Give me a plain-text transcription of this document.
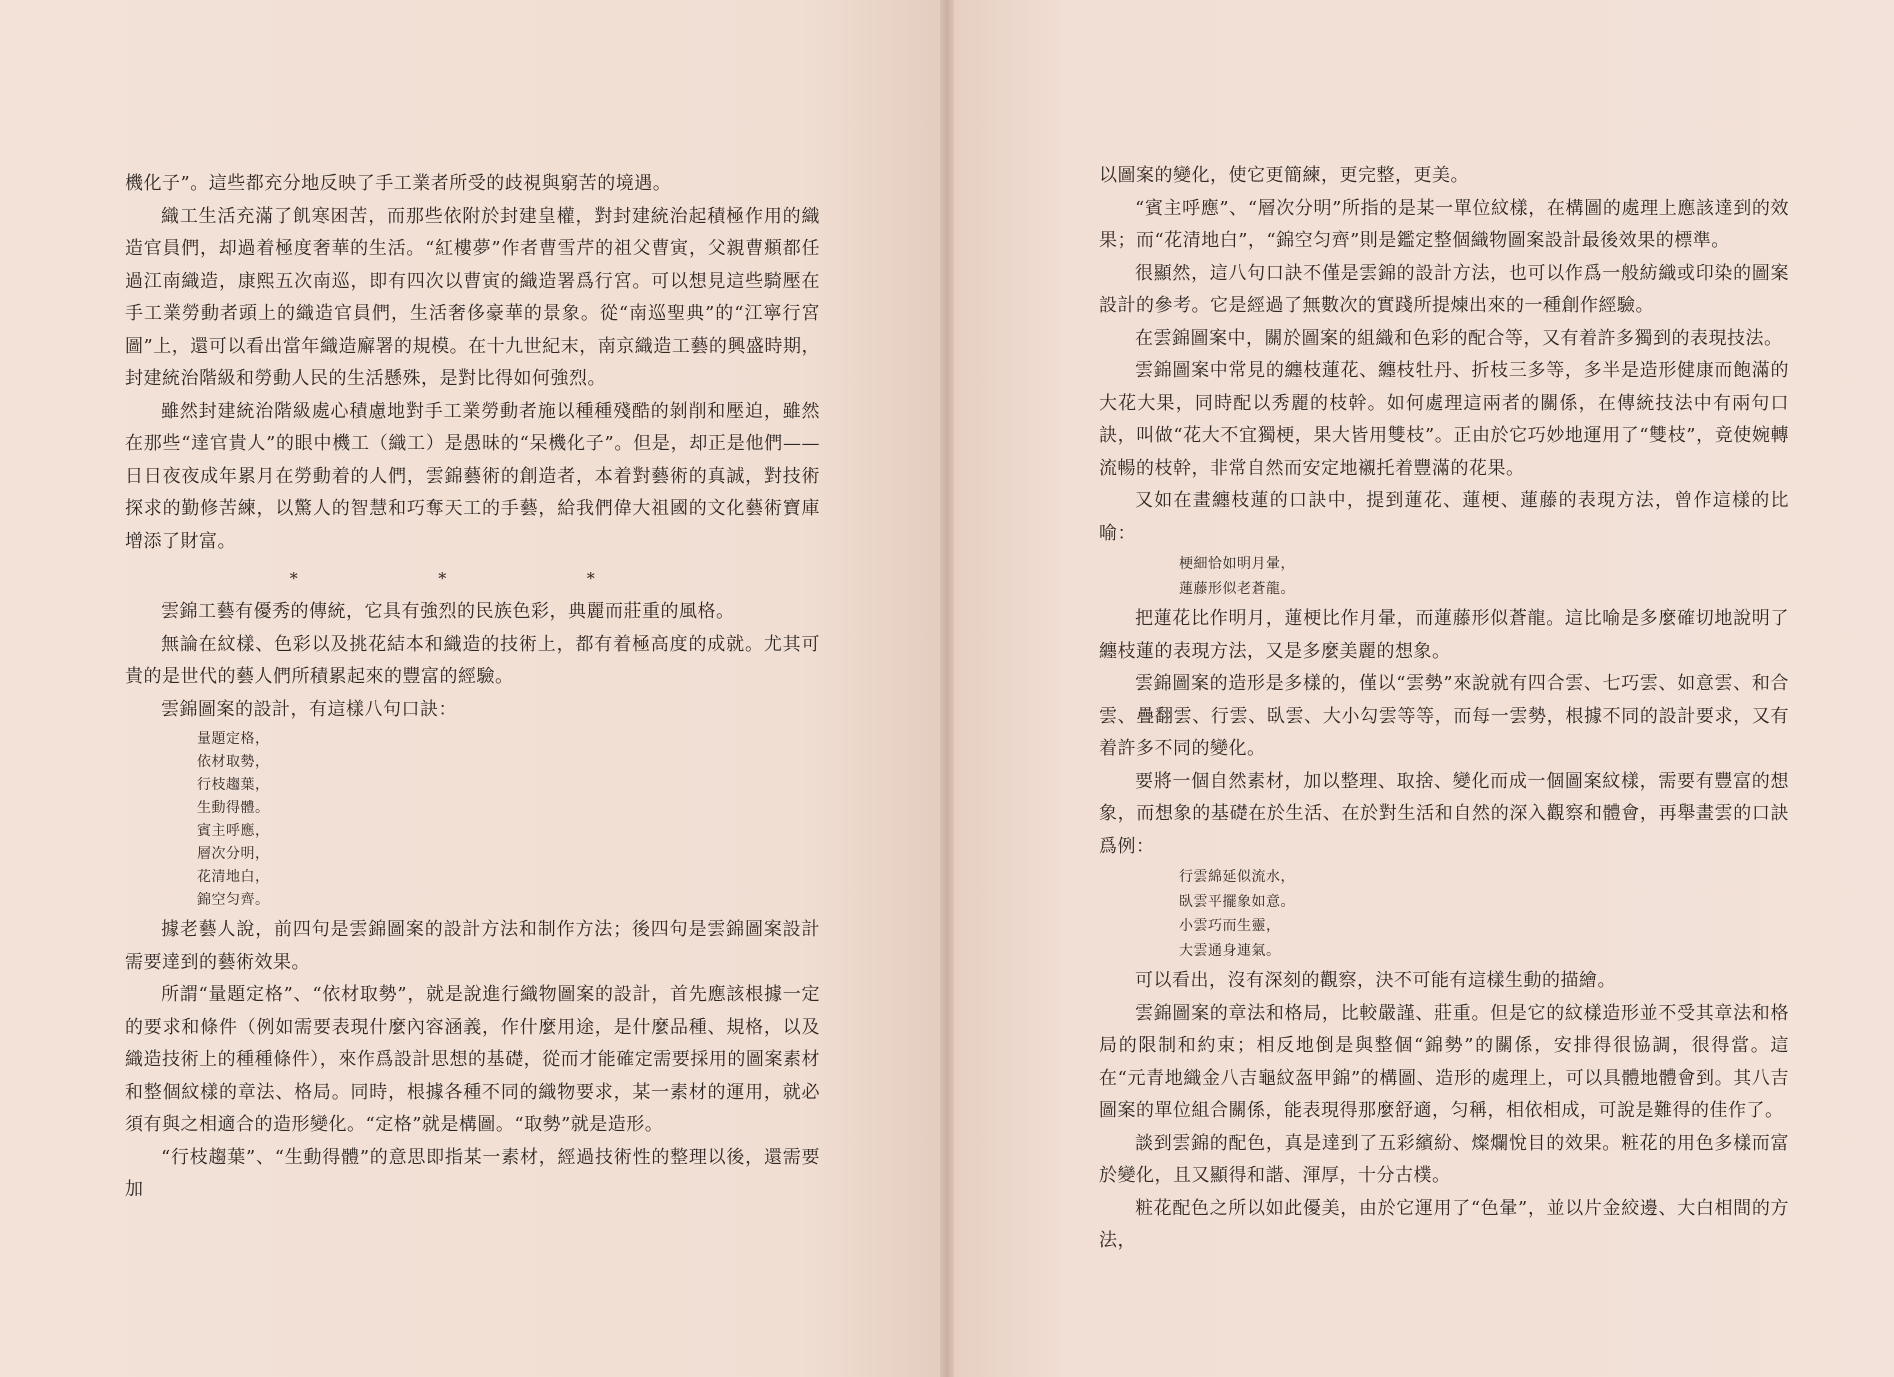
機化子”。這些都充分地反映了手工業者所受的歧視與窮苦的境遇。

織工生活充滿了飢寒困苦，而那些依附於封建皇權，對封建統治起積極作用的織造官員們，却過着極度奢華的生活。“紅樓夢”作者曹雪芹的祖父曹寅，父親曹頫都任過江南織造，康熙五次南巡，即有四次以曹寅的織造署爲行宮。可以想見這些騎壓在手工業勞動者頭上的織造官員們，生活奢侈豪華的景象。從“南巡聖典”的“江寧行宮圖”上，還可以看出當年織造廨署的規模。在十九世紀末，南京織造工藝的興盛時期，封建統治階級和勞動人民的生活懸殊，是對比得如何強烈。

雖然封建統治階級處心積慮地對手工業勞動者施以種種殘酷的剝削和壓迫，雖然在那些“達官貴人”的眼中機工（織工）是愚昧的“呆機化子”。但是，却正是他們——日日夜夜成年累月在勞動着的人們，雲錦藝術的創造者，本着對藝術的真誠，對技術探求的勤修苦練，以驚人的智慧和巧奪天工的手藝，給我們偉大祖國的文化藝術寶庫增添了財富。

*	*	*

雲錦工藝有優秀的傳統，它具有強烈的民族色彩，典麗而莊重的風格。

無論在紋樣、色彩以及挑花結本和織造的技術上，都有着極高度的成就。尤其可貴的是世代的藝人們所積累起來的豐富的經驗。

雲錦圖案的設計，有這樣八句口訣：

量題定格，
依材取勢，
行枝趨葉，
生動得體。
賓主呼應，
層次分明，
花清地白，
錦空匀齊。

據老藝人說，前四句是雲錦圖案的設計方法和制作方法；後四句是雲錦圖案設計需要達到的藝術效果。

所謂“量題定格”、“依材取勢”，就是說進行織物圖案的設計，首先應該根據一定的要求和條件（例如需要表現什麼內容涵義，作什麼用途，是什麼品種、規格，以及織造技術上的種種條件），來作爲設計思想的基礎，從而才能確定需要採用的圖案素材和整個紋樣的章法、格局。同時，根據各種不同的織物要求，某一素材的運用，就必須有與之相適合的造形變化。“定格”就是構圖。“取勢”就是造形。

“行枝趨葉”、“生動得體”的意思即指某一素材，經過技術性的整理以後，還需要加

以圖案的變化，使它更簡練，更完整，更美。

“賓主呼應”、“層次分明”所指的是某一單位紋樣，在構圖的處理上應該達到的效果；而“花清地白”，“錦空匀齊”則是鑑定整個織物圖案設計最後效果的標準。

很顯然，這八句口訣不僅是雲錦的設計方法，也可以作爲一般紡織或印染的圖案設計的參考。它是經過了無數次的實踐所提煉出來的一種創作經驗。

在雲錦圖案中，關於圖案的組織和色彩的配合等，又有着許多獨到的表現技法。

雲錦圖案中常見的纏枝蓮花、纏枝牡丹、折枝三多等，多半是造形健康而飽滿的大花大果，同時配以秀麗的枝幹。如何處理這兩者的關係，在傳統技法中有兩句口訣，叫做“花大不宜獨梗，果大皆用雙枝”。正由於它巧妙地運用了“雙枝”，竟使婉轉流暢的枝幹，非常自然而安定地襯托着豐滿的花果。

又如在畫纏枝蓮的口訣中，提到蓮花、蓮梗、蓮藤的表現方法，曾作這樣的比喻：

梗細恰如明月暈，
蓮藤形似老蒼龍。

把蓮花比作明月，蓮梗比作月暈，而蓮藤形似蒼龍。這比喻是多麼確切地說明了纏枝蓮的表現方法，又是多麼美麗的想象。

雲錦圖案的造形是多樣的，僅以“雲勢”來說就有四合雲、七巧雲、如意雲、和合雲、疊翻雲、行雲、臥雲、大小勾雲等等，而每一雲勢，根據不同的設計要求，又有着許多不同的變化。

要將一個自然素材，加以整理、取捨、變化而成一個圖案紋樣，需要有豐富的想象，而想象的基礎在於生活、在於對生活和自然的深入觀察和體會，再舉畫雲的口訣爲例：

行雲綿延似流水，
臥雲平擺象如意。
小雲巧而生靈，
大雲通身連氣。

可以看出，沒有深刻的觀察，決不可能有這樣生動的描繪。

雲錦圖案的章法和格局，比較嚴謹、莊重。但是它的紋樣造形並不受其章法和格局的限制和約束；相反地倒是與整個“錦勢”的關係，安排得很協調，很得當。這在“元青地織金八吉龜紋盔甲錦”的構圖、造形的處理上，可以具體地體會到。其八吉圖案的單位組合關係，能表現得那麼舒適，匀稱，相依相成，可說是難得的佳作了。

談到雲錦的配色，真是達到了五彩繽紛、燦爛悅目的效果。粧花的用色多樣而富於變化，且又顯得和諧、渾厚，十分古樸。

粧花配色之所以如此優美，由於它運用了“色暈”，並以片金絞邊、大白相間的方法，
